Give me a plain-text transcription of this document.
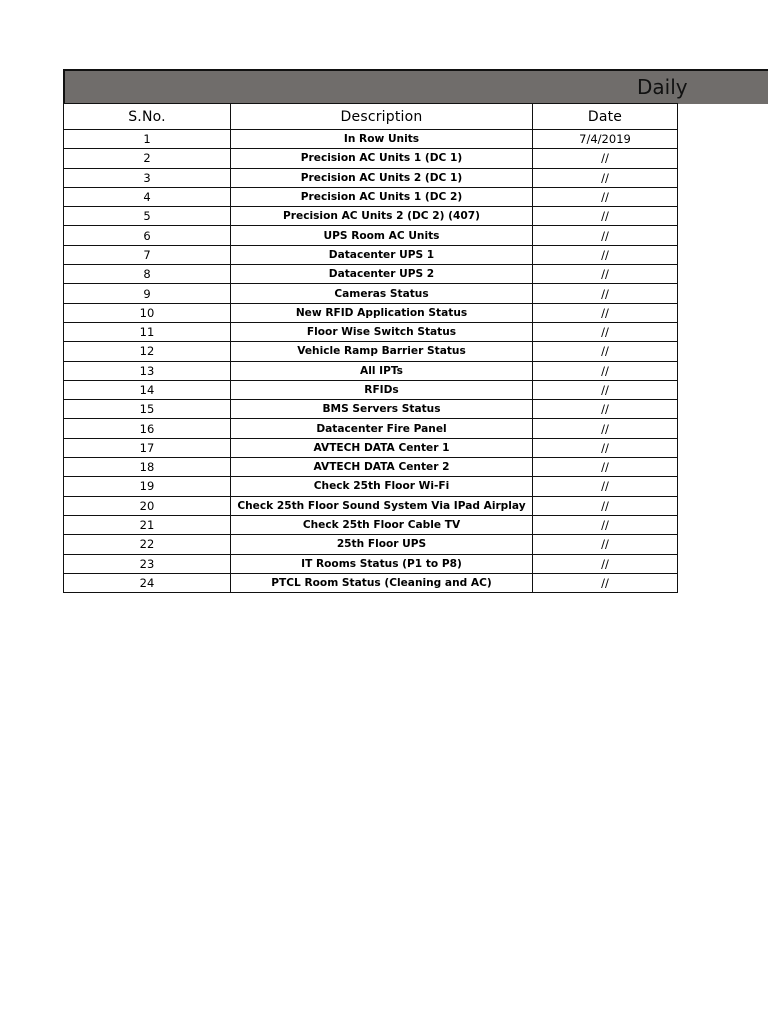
Daily
S.No.	Description	Date
1	In Row Units	7/4/2019
2	Precision AC Units 1 (DC 1)	//
3	Precision AC Units 2 (DC 1)	//
4	Precision AC Units 1 (DC 2)	//
5	Precision AC Units 2 (DC 2) (407)	//
6	UPS Room AC Units	//
7	Datacenter UPS 1	//
8	Datacenter UPS 2	//
9	Cameras Status	//
10	New RFID Application Status	//
11	Floor Wise Switch Status	//
12	Vehicle Ramp Barrier Status	//
13	All IPTs	//
14	RFIDs	//
15	BMS Servers Status	//
16	Datacenter Fire Panel	//
17	AVTECH DATA Center 1	//
18	AVTECH DATA Center 2	//
19	Check 25th Floor Wi-Fi	//
20	Check 25th Floor Sound System Via IPad Airplay	//
21	Check 25th Floor Cable TV	//
22	25th Floor UPS	//
23	IT Rooms Status (P1 to P8)	//
24	PTCL Room Status (Cleaning and AC)	//
